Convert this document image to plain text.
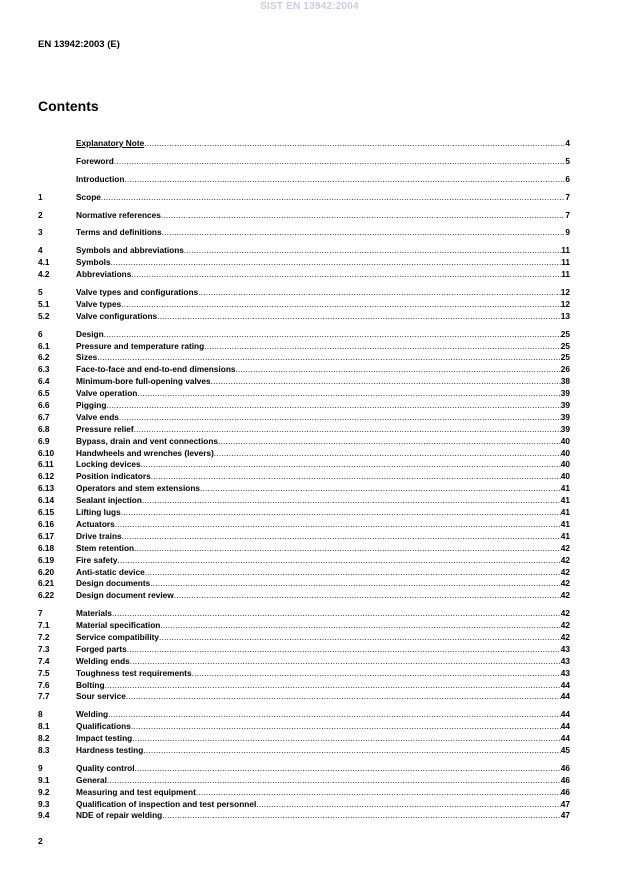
SIST EN 13942:2004
EN 13942:2003 (E)
Contents
Explanatory Note .....	4
Foreword .....	5
Introduction .....	6
1	Scope .....	7
2	Normative references .....	7
3	Terms and definitions .....	9
4	Symbols and abbreviations .....	11
4.1	Symbols .....	11
4.2	Abbreviations .....	11
5	Valve types and configurations .....	12
5.1	Valve types .....	12
5.2	Valve configurations .....	13
6	Design .....	25
6.1	Pressure and temperature rating .....	25
6.2	Sizes .....	25
6.3	Face-to-face and end-to-end dimensions .....	26
6.4	Minimum-bore full-opening valves .....	38
6.5	Valve operation .....	39
6.6	Pigging .....	39
6.7	Valve ends .....	39
6.8	Pressure relief .....	39
6.9	Bypass, drain and vent connections .....	40
6.10	Handwheels and wrenches (levers) .....	40
6.11	Locking devices .....	40
6.12	Position indicators .....	40
6.13	Operators and stem extensions .....	41
6.14	Sealant injection .....	41
6.15	Lifting lugs .....	41
6.16	Actuators .....	41
6.17	Drive trains .....	41
6.18	Stem retention .....	42
6.19	Fire safety .....	42
6.20	Anti-static device .....	42
6.21	Design documents .....	42
6.22	Design document review .....	42
7	Materials .....	42
7.1	Material specification .....	42
7.2	Service compatibility .....	42
7.3	Forged parts .....	43
7.4	Welding ends .....	43
7.5	Toughness test requirements .....	43
7.6	Bolting .....	44
7.7	Sour service .....	44
8	Welding .....	44
8.1	Qualifications .....	44
8.2	Impact testing .....	44
8.3	Hardness testing .....	45
9	Quality control .....	46
9.1	General .....	46
9.2	Measuring and test equipment .....	46
9.3	Qualification of inspection and test personnel .....	47
9.4	NDE of repair welding .....	47
2
